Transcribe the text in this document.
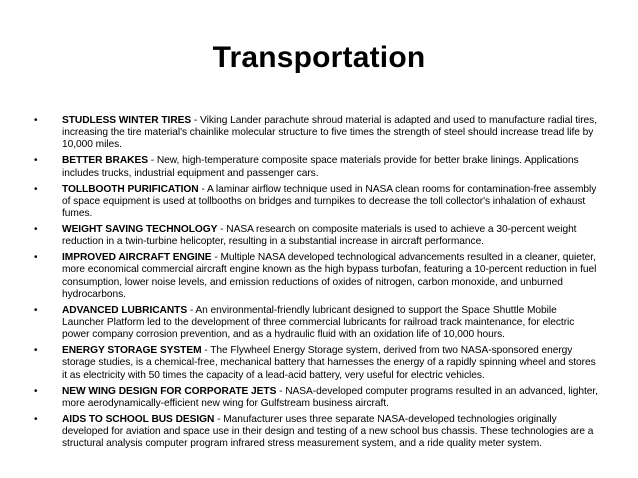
Transportation
• STUDLESS WINTER TIRES - Viking Lander parachute shroud material is adapted and used to manufacture radial tires, increasing the tire material's chainlike molecular structure to five times the strength of steel should increase tread life by 10,000 miles.
• BETTER BRAKES - New, high-temperature composite space materials provide for better brake linings. Applications includes trucks, industrial equipment and passenger cars.
• TOLLBOOTH PURIFICATION - A laminar airflow technique used in NASA clean rooms for contamination-free assembly of space equipment is used at tollbooths on bridges and turnpikes to decrease the toll collector's inhalation of exhaust fumes.
• WEIGHT SAVING TECHNOLOGY - NASA research on composite materials is used to achieve a 30-percent weight reduction in a twin-turbine helicopter, resulting in a substantial increase in aircraft performance.
• IMPROVED AIRCRAFT ENGINE - Multiple NASA developed technological advancements resulted in a cleaner, quieter, more economical commercial aircraft engine known as the high bypass turbofan, featuring a 10-percent reduction in fuel consumption, lower noise levels, and emission reductions of oxides of nitrogen, carbon monoxide, and unburned hydrocarbons.
• ADVANCED LUBRICANTS - An environmental-friendly lubricant designed to support the Space Shuttle Mobile Launcher Platform led to the development of three commercial lubricants for railroad track maintenance, for electric power company corrosion prevention, and as a hydraulic fluid with an oxidation life of 10,000 hours.
• ENERGY STORAGE SYSTEM - The Flywheel Energy Storage system, derived from two NASA-sponsored energy storage studies, is a chemical-free, mechanical battery that harnesses the energy of a rapidly spinning wheel and stores it as electricity with 50 times the capacity of a lead-acid battery, very useful for electric vehicles.
• NEW WING DESIGN FOR CORPORATE JETS - NASA-developed computer programs resulted in an advanced, lighter, more aerodynamically-efficient new wing for Gulfstream business aircraft.
• AIDS TO SCHOOL BUS DESIGN - Manufacturer uses three separate NASA-developed technologies originally developed for aviation and space use in their design and testing of a new school bus chassis. These technologies are a structural analysis computer program infrared stress measurement system, and a ride quality meter system.
